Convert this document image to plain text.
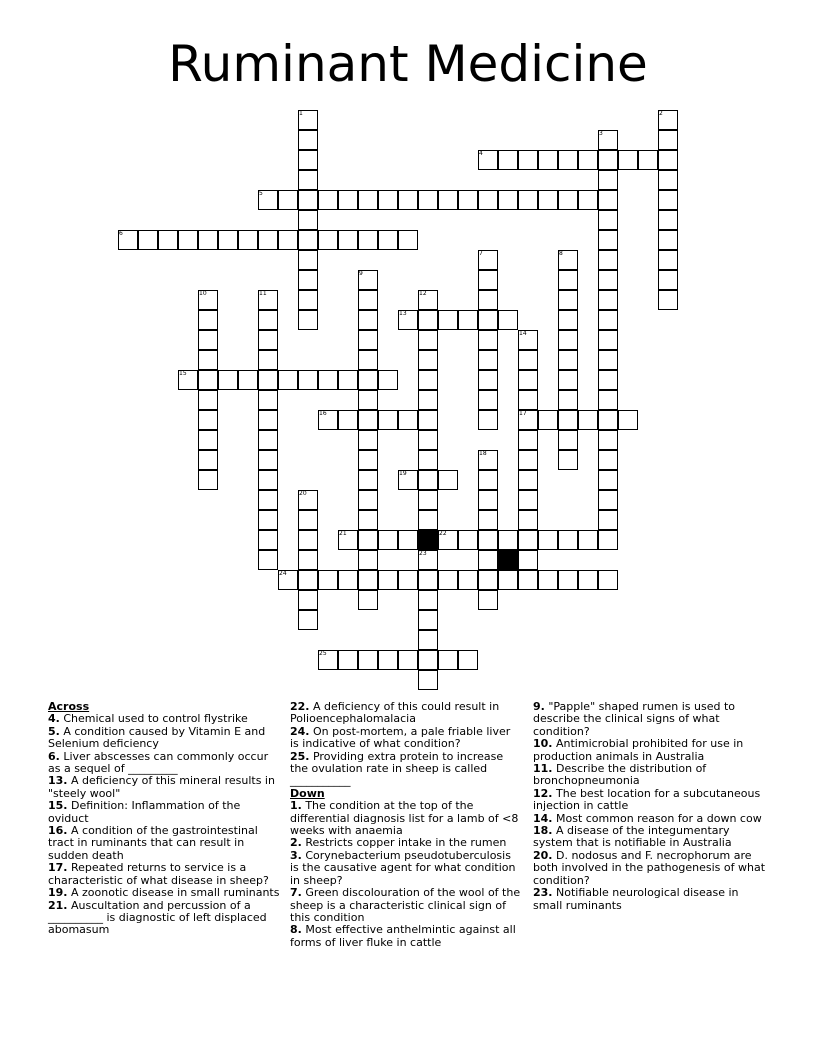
Ruminant Medicine
1	2
3
4
5
6
7	8
9
10	11	12
13
14
15
16	17
18
19
20
21	22
23
24
25

Across

4. Chemical used to control flystrike

5. A condition caused by Vitamin E and Selenium deficiency

6. Liver abscesses can commonly occur as a sequel of _________

13. A deficiency of this mineral results in "steely wool"

15. Definition: Inflammation of the oviduct

16. A condition of the gastrointestinal tract in ruminants that can result in sudden death

17. Repeated returns to service is a characteristic of what disease in sheep?

19. A zoonotic disease in small ruminants

21. Auscultation and percussion of a __________ is diagnostic of left displaced abomasum

22. A deficiency of this could result in Polioencephalomalacia

24. On post-mortem, a pale friable liver is indicative of what condition?

25. Providing extra protein to increase the ovulation rate in sheep is called ___________

Down

1. The condition at the top of the differential diagnosis list for a lamb of <8 weeks with anaemia

2. Restricts copper intake in the rumen

3. Corynebacterium pseudotuberculosis is the causative agent for what condition in sheep?

7. Green discolouration of the wool of the sheep is a characteristic clinical sign of this condition

8. Most effective anthelmintic against all forms of liver fluke in cattle

9. "Papple" shaped rumen is used to describe the clinical signs of what condition?

10. Antimicrobial prohibited for use in production animals in Australia

11. Describe the distribution of bronchopneumonia

12. The best location for a subcutaneous injection in cattle

14. Most common reason for a down cow

18. A disease of the integumentary system that is notifiable in Australia

20. D. nodosus and F. necrophorum are both involved in the pathogenesis of what condition?

23. Notifiable neurological disease in small ruminants
